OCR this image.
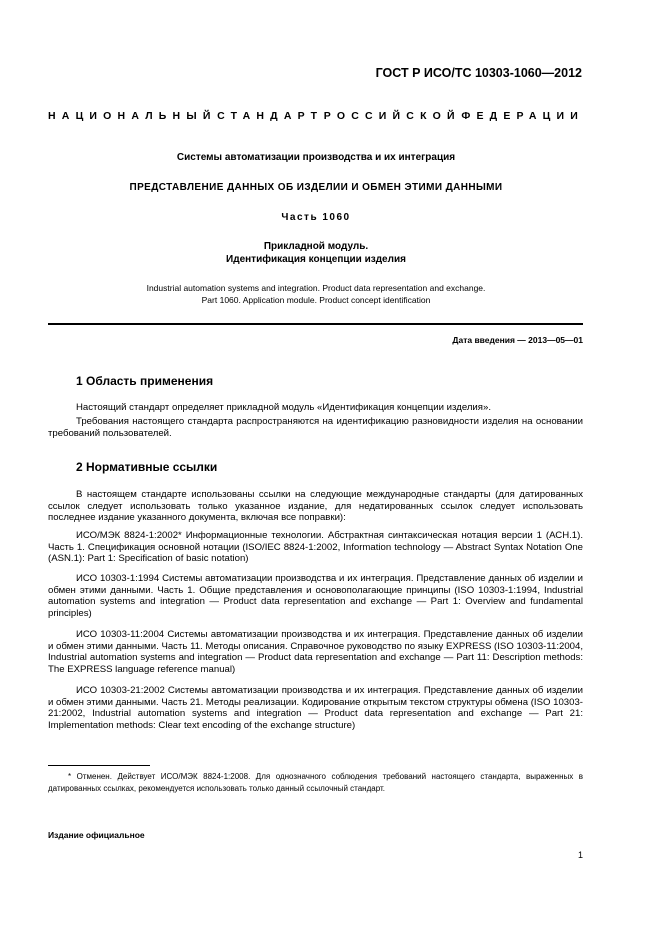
ГОСТ Р ИСО/ТС 10303-1060—2012
НАЦИОНАЛЬНЫЙ СТАНДАРТ РОССИЙСКОЙ ФЕДЕРАЦИИ
Системы автоматизации производства и их интеграция
ПРЕДСТАВЛЕНИЕ ДАННЫХ ОБ ИЗДЕЛИИ И ОБМЕН ЭТИМИ ДАННЫМИ
Часть 1060
Прикладной модуль.
Идентификация концепции изделия
Industrial automation systems and integration. Product data representation and exchange.
Part 1060. Application module. Product concept identification
Дата введения — 2013—05—01
1 Область применения
Настоящий стандарт определяет прикладной модуль «Идентификация концепции изделия».
Требования настоящего стандарта распространяются на идентификацию разновидности изделия на основании требований пользователей.
2 Нормативные ссылки
В настоящем стандарте использованы ссылки на следующие международные стандарты (для датированных ссылок следует использовать только указанное издание, для недатированных ссылок следует использовать последнее издание указанного документа, включая все поправки):
ИСО/МЭК 8824-1:2002* Информационные технологии. Абстрактная синтаксическая нотация версии 1 (АСН.1). Часть 1. Спецификация основной нотации (ISO/IEC 8824-1:2002, Information technology — Abstract Syntax Notation One (ASN.1): Part 1: Specification of basic notation)
ИСО 10303-1:1994 Системы автоматизации производства и их интеграция. Представление данных об изделии и обмен этими данными. Часть 1. Общие представления и основополагающие принципы (ISO 10303-1:1994, Industrial automation systems and integration — Product data representation and exchange — Part 1: Overview and fundamental principles)
ИСО 10303-11:2004 Системы автоматизации производства и их интеграция. Представление данных об изделии и обмен этими данными. Часть 11. Методы описания. Справочное руководство по языку EXPRESS (ISO 10303-11:2004, Industrial automation systems and integration — Product data representation and exchange — Part 11: Description methods: The EXPRESS language reference manual)
ИСО 10303-21:2002 Системы автоматизации производства и их интеграция. Представление данных об изделии и обмен этими данными. Часть 21. Методы реализации. Кодирование открытым текстом структуры обмена (ISO 10303-21:2002, Industrial automation systems and integration — Product data representation and exchange — Part 21: Implementation methods: Clear text encoding of the exchange structure)
* Отменен. Действует ИСО/МЭК 8824-1:2008. Для однозначного соблюдения требований настоящего стандарта, выраженных в датированных ссылках, рекомендуется использовать только данный ссылочный стандарт.
Издание официальное
1
